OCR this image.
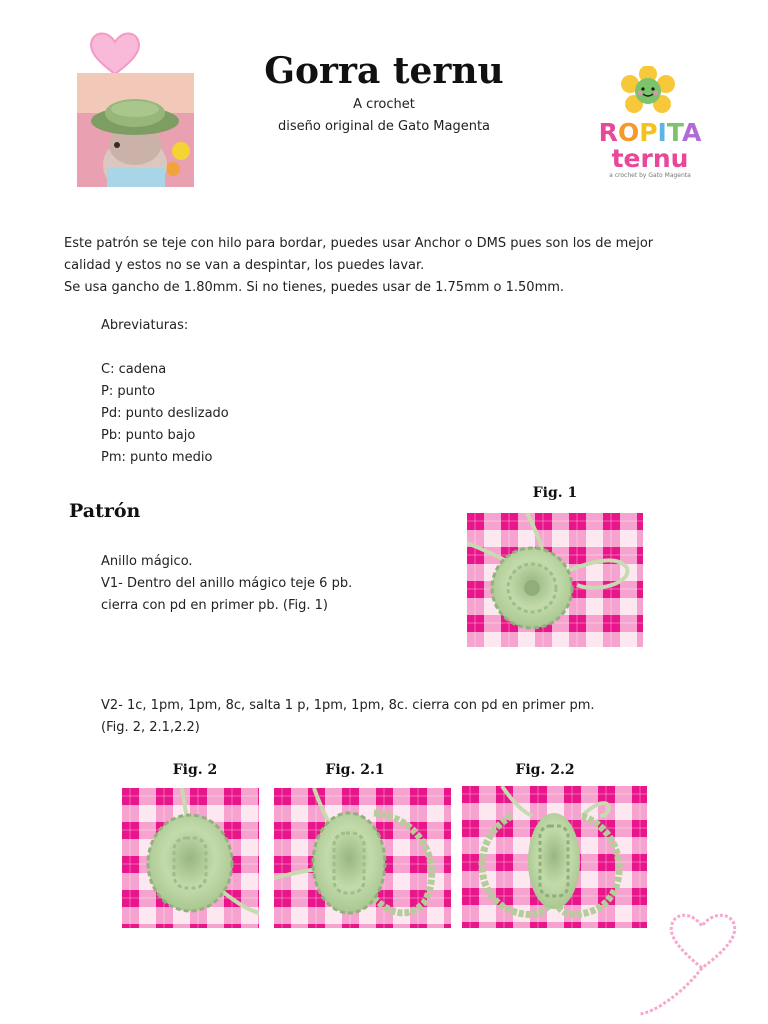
Gorra ternu
A crochet
diseño original de Gato Magenta	ROPITA
ternu
a crochet by Gato Magenta
Este patrón se teje con hilo para bordar, puedes usar Anchor o DMS pues son los de mejor
calidad y estos no se van a despintar, los puedes lavar.
Se usa gancho de 1.80mm. Si no tienes, puedes usar de 1.75mm o 1.50mm.
Abreviaturas:
C: cadena
P: punto
Pd: punto deslizado
Pb: punto bajo
Pm: punto medio
Patrón
Anillo mágico.
V1- Dentro del anillo mágico teje 6 pb.
cierra con pd en primer pb. (Fig. 1)
Fig. 1
V2- 1c, 1pm, 1pm, 8c, salta 1 p, 1pm, 1pm, 8c. cierra con pd en primer pm.
(Fig. 2, 2.1,2.2)
Fig. 2	Fig. 2.1	Fig. 2.2
